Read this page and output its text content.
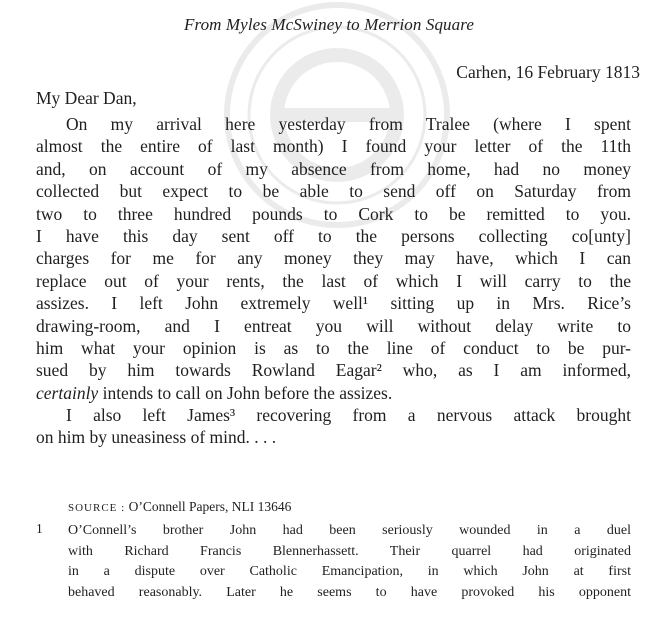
From Myles McSwiney to Merrion Square
Carhen, 16 February 1813
My Dear Dan,
On my arrival here yesterday from Tralee (where I spent
almost the entire of last month) I found your letter of the 11th
and, on account of my absence from home, had no money
collected but expect to be able to send off on Saturday from
two to three hundred pounds to Cork to be remitted to you.
I have this day sent off to the persons collecting co[unty]
charges for me for any money they may have, which I can
replace out of your rents, the last of which I will carry to the
assizes. I left John extremely well¹ sitting up in Mrs. Rice’s
drawing-room, and I entreat you will without delay write to
him what your opinion is as to the line of conduct to be pur-
sued by him towards Rowland Eagar² who, as I am informed,
certainly intends to call on John before the assizes.
I also left James³ recovering from a nervous attack brought
on him by uneasiness of mind. . . .
SOURCE : O’Connell Papers, NLI 13646
1 O’Connell’s brother John had been seriously wounded in a duel
with Richard Francis Blennerhassett. Their quarrel had originated
in a dispute over Catholic Emancipation, in which John at first
behaved reasonably. Later he seems to have provoked his opponent
